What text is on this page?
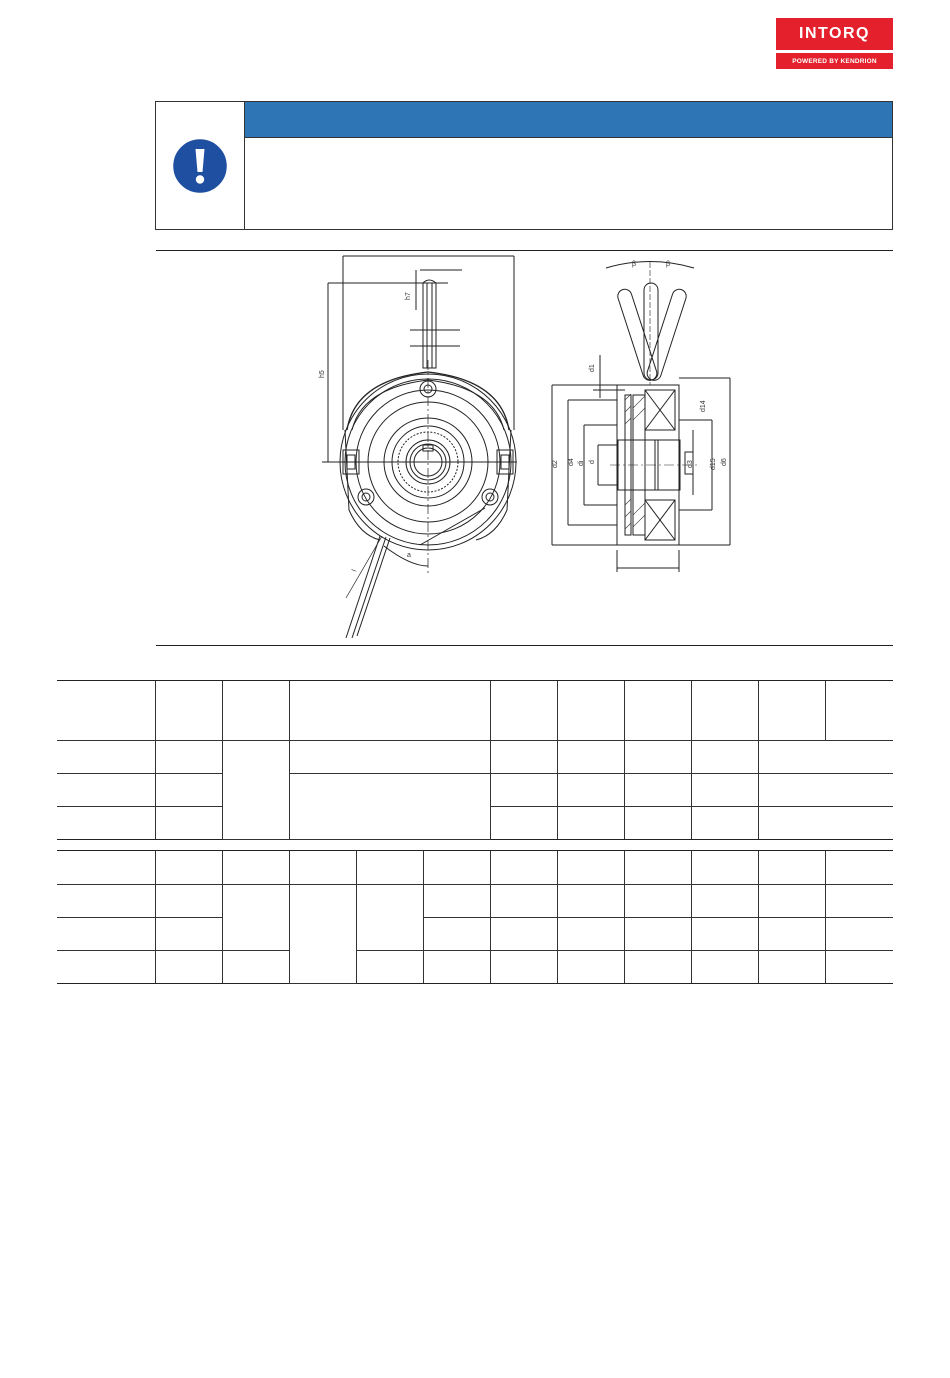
INTORQ
POWERED BY KENDRION
h7
h5
a
l
β	β
d1
d2 d4 di d	d3 d15 d6
d14
